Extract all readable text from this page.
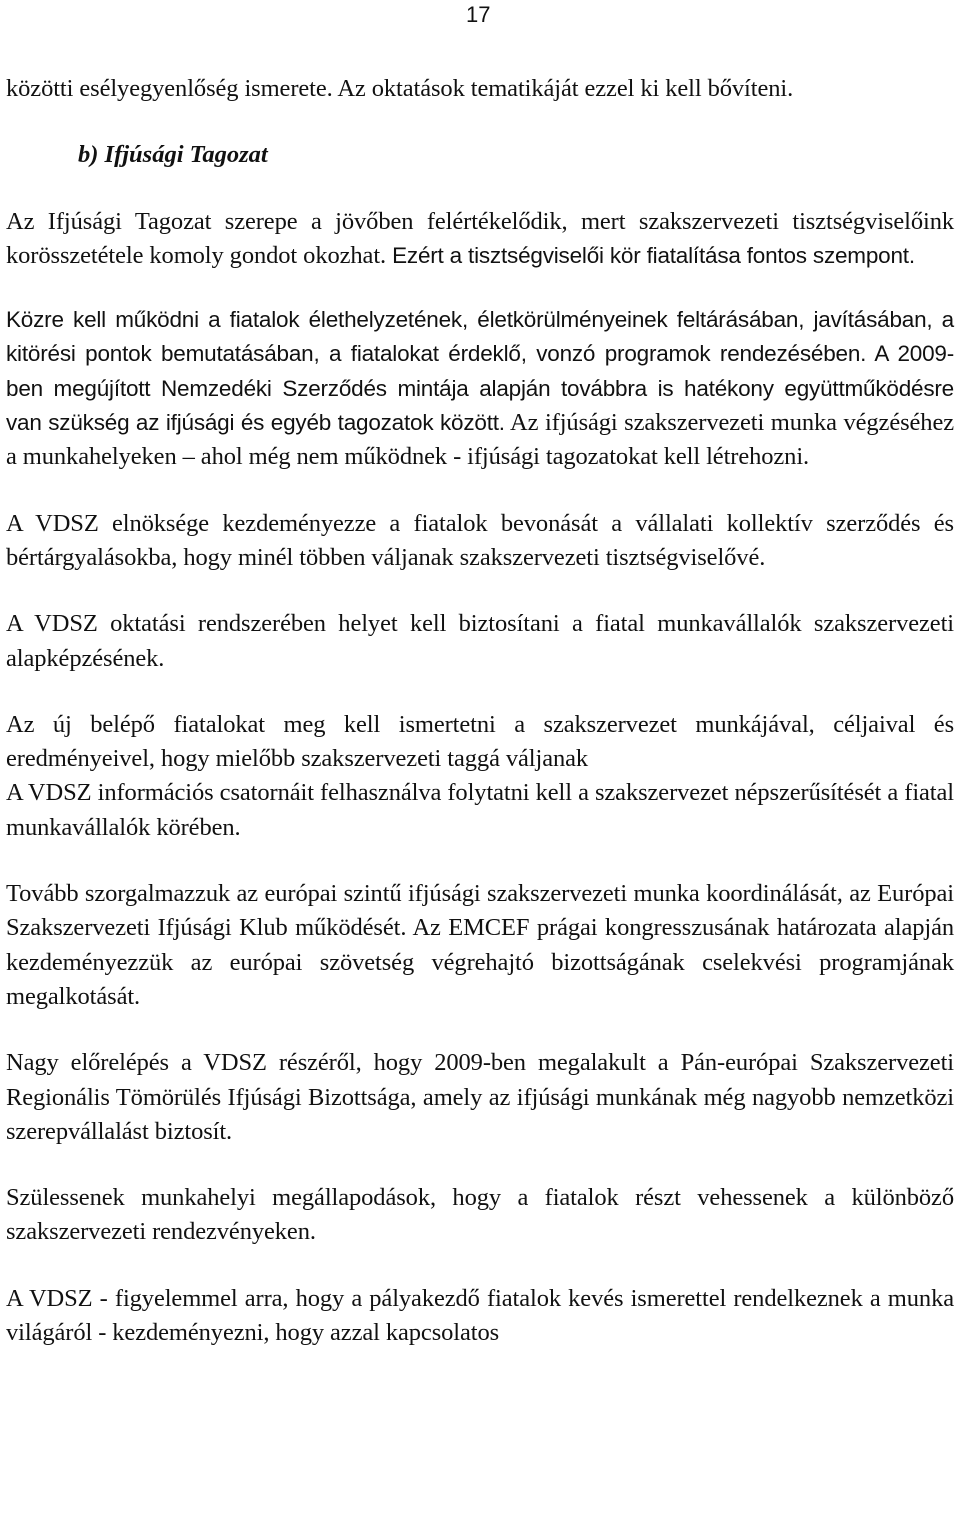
17

közötti esélyegyenlőség ismerete. Az oktatások tematikáját ezzel ki kell bővíteni.

b) Ifjúsági Tagozat

Az Ifjúsági Tagozat szerepe a jövőben felértékelődik, mert szakszervezeti tisztségviselőink korösszetétele komoly gondot okozhat. Ezért a tisztségviselői kör fiatalítása fontos szempont.

Közre kell működni a fiatalok élethelyzetének, életkörülményeinek feltárásában, javításában, a kitörési pontok bemutatásában, a fiatalokat érdeklő, vonzó programok rendezésében. A 2009-ben megújított Nemzedéki Szerződés mintája alapján továbbra is hatékony együttműködésre van szükség az ifjúsági és egyéb tagozatok között. Az ifjúsági szakszervezeti munka végzéséhez a munkahelyeken – ahol még nem működnek - ifjúsági tagozatokat kell létrehozni.

A VDSZ elnöksége kezdeményezze a fiatalok bevonását a vállalati kollektív szerződés és bértárgyalásokba, hogy minél többen váljanak szakszervezeti tisztségviselővé.

A VDSZ oktatási rendszerében helyet kell biztosítani a fiatal munkavállalók szakszervezeti alapképzésének.

Az új belépő fiatalokat meg kell ismertetni a szakszervezet munkájával, céljaival és eredményeivel, hogy mielőbb szakszervezeti taggá váljanak
A VDSZ információs csatornáit felhasználva folytatni kell a szakszervezet népszerűsítését a fiatal munkavállalók körében.

Tovább szorgalmazzuk az európai szintű ifjúsági szakszervezeti munka koordinálását, az Európai Szakszervezeti Ifjúsági Klub működését. Az EMCEF prágai kongresszusának határozata alapján kezdeményezzük az európai szövetség végrehajtó bizottságának cselekvési programjának megalkotását.

Nagy előrelépés a VDSZ részéről, hogy 2009-ben megalakult a Pán-európai Szakszervezeti Regionális Tömörülés Ifjúsági Bizottsága, amely az ifjúsági munkának még nagyobb nemzetközi szerepvállalást biztosít.

Szülessenek munkahelyi megállapodások, hogy a fiatalok részt vehessenek a különböző szakszervezeti rendezvényeken.

A VDSZ - figyelemmel arra, hogy a pályakezdő fiatalok kevés ismerettel rendelkeznek a munka világáról - kezdeményezni, hogy azzal kapcsolatos
